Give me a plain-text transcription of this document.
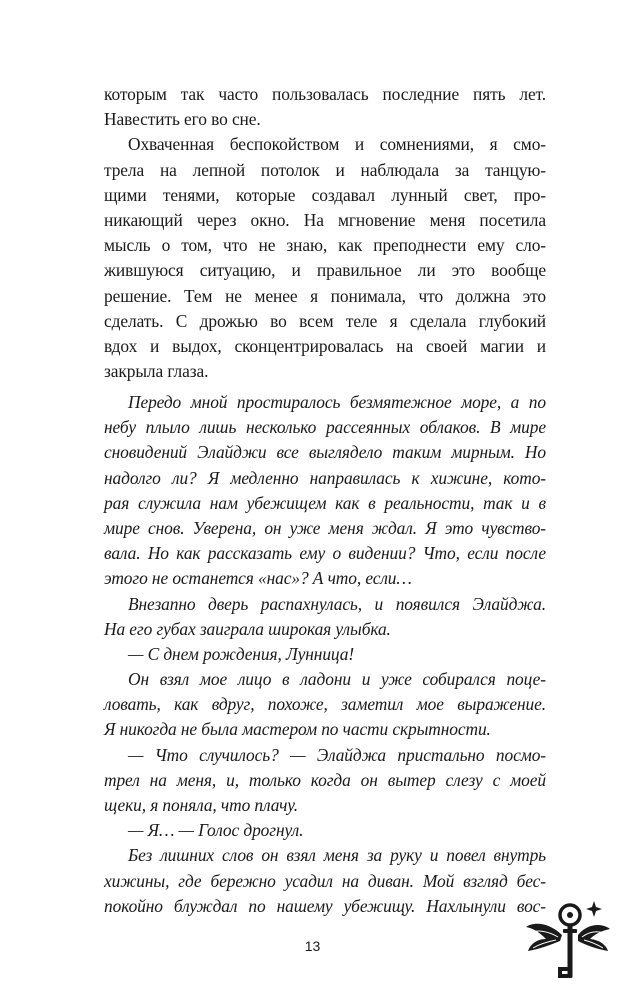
которым так часто пользовалась последние пять лет.
Навестить его во сне.
Охваченная беспокойством и сомнениями, я смо-
трела на лепной потолок и наблюдала за танцую-
щими тенями, которые создавал лунный свет, про-
никающий через окно. На мгновение меня посетила
мысль о том, что не знаю, как преподнести ему сло-
жившуюся ситуацию, и правильное ли это вообще
решение. Тем не менее я понимала, что должна это
сделать. С дрожью во всем теле я сделала глубокий
вдох и выдох, сконцентрировалась на своей магии и
закрыла глаза.
Передо мной простиралось безмятежное море, а по
небу плыло лишь несколько рассеянных облаков. В мире
сновидений Элайджи все выглядело таким мирным. Но
надолго ли? Я медленно направилась к хижине, кото-
рая служила нам убежищем как в реальности, так и в
мире снов. Уверена, он уже меня ждал. Я это чувство-
вала. Но как рассказать ему о видении? Что, если после
этого не останется «нас»? А что, если…
Внезапно дверь распахнулась, и появился Элайджа.
На его губах заиграла широкая улыбка.
— С днем рождения, Лунница!
Он взял мое лицо в ладони и уже собирался поце-
ловать, как вдруг, похоже, заметил мое выражение.
Я никогда не была мастером по части скрытности.
— Что случилось? — Элайджа пристально посмо-
трел на меня, и, только когда он вытер слезу с моей
щеки, я поняла, что плачу.
— Я… — Голос дрогнул.
Без лишних слов он взял меня за руку и повел внутрь
хижины, где бережно усадил на диван. Мой взгляд бес-
покойно блуждал по нашему убежищу. Нахлынули вос-
13
